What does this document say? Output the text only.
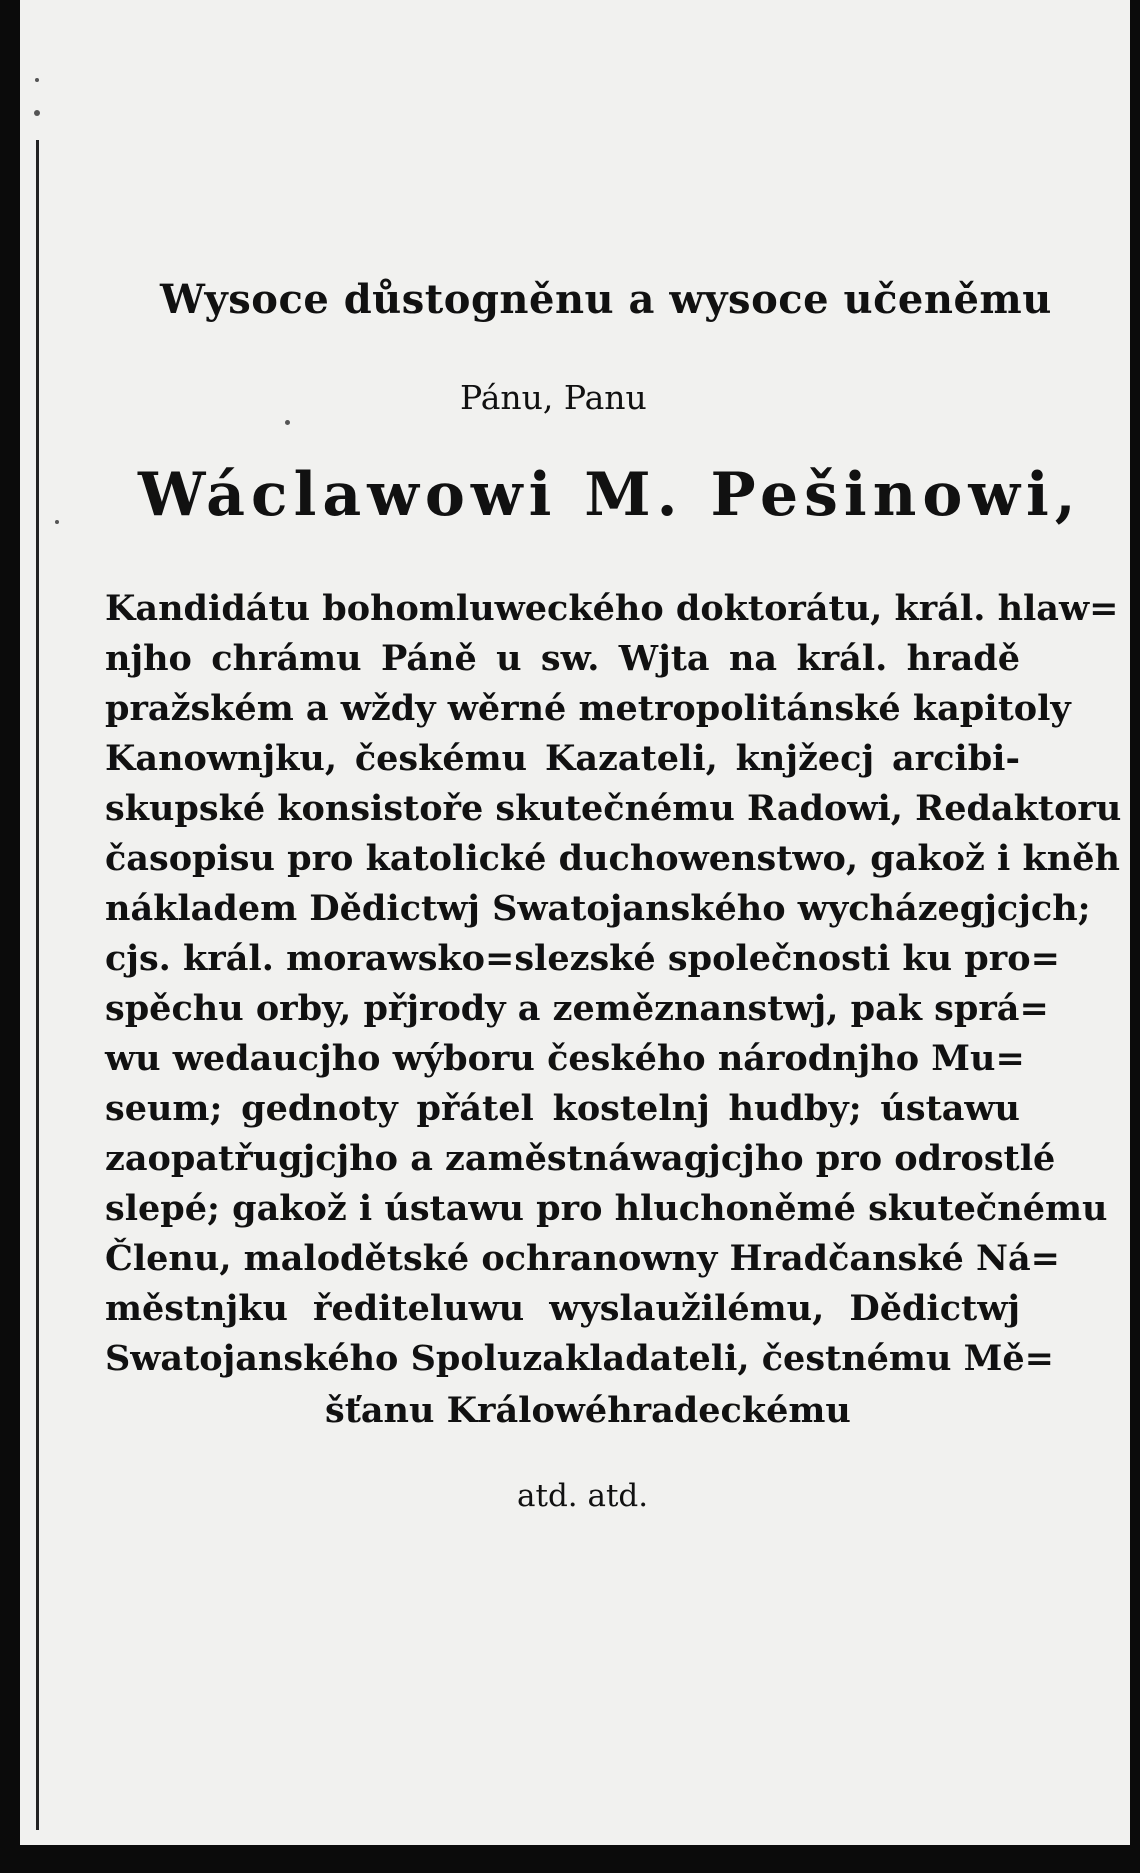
Wysoce důstogněnu a wysoce učeněmu
Pánu, Panu
Wáclawowi M. Pešinowi,
Kandidátu bohomluweckého doktorátu, král. hlaw=
njho chrámu Páně u sw. Wjta na král. hradě
pražském a wždy wěrné metropolitánské kapitoly
Kanownjku, českému Kazateli, knjžecj arcibi-
skupské konsistoře skutečnému Radowi, Redaktoru
časopisu pro katolické duchowenstwo, gakož i kněh
nákladem Dědictwj Swatojanského wycházegjcjch;
cjs. král. morawsko=slezské společnosti ku pro=
spěchu orby, přjrody a zeměznanstwj, pak sprá=
wu wedaucjho wýboru českého národnjho Mu=
seum; gednoty přátel kostelnj hudby; ústawu
zaopatřugjcjho a zaměstnáwagjcjho pro odrostlé
slepé; gakož i ústawu pro hluchoněmé skutečnému
Členu, malodětské ochranowny Hradčanské Ná=
městnjku řediteluwu wyslaužilému, Dědictwj
Swatojanského Spoluzakladateli, čestnému Mě=
šťanu Králowéhradeckému
atd. atd.
